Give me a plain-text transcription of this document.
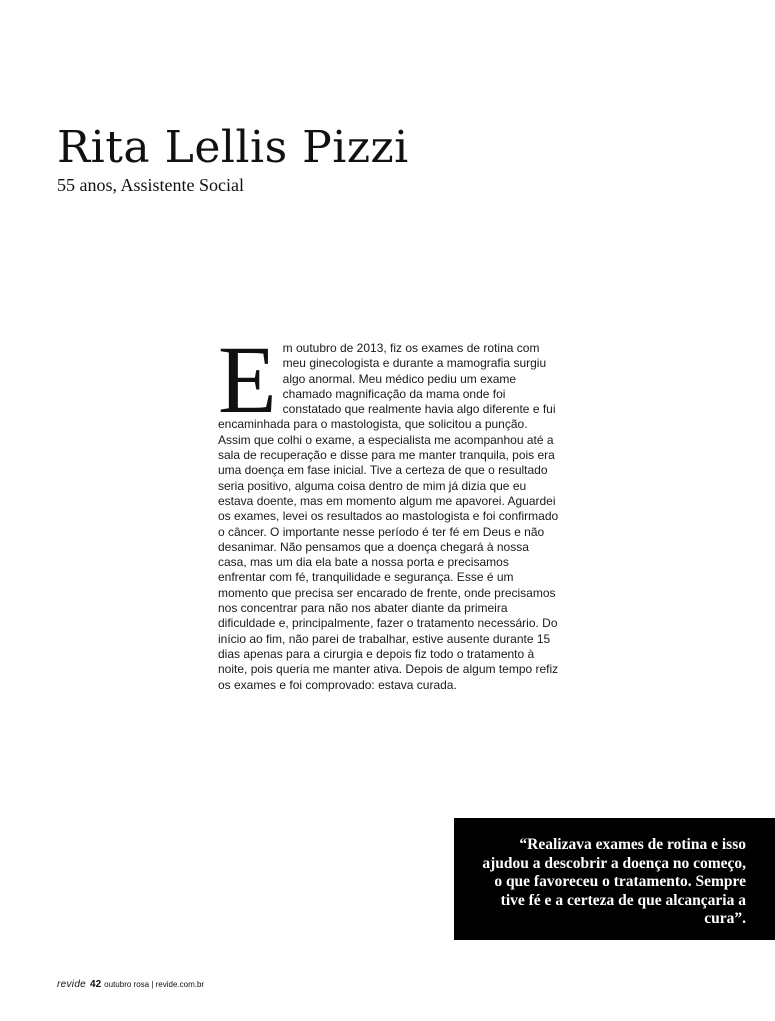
Rita Lellis Pizzi
55 anos, Assistente Social
E m outubro de 2013, fiz os exames de rotina com meu ginecologista e durante a mamografia surgiu algo anormal. Meu médico pediu um exame chamado magnificação da mama onde foi constatado que realmente havia algo diferente e fui encaminhada para o mastologista, que solicitou a punção. Assim que colhi o exame, a especialista me acompanhou até a sala de recuperação e disse para me manter tranquila, pois era uma doença em fase inicial. Tive a certeza de que o resultado seria positivo, alguma coisa dentro de mim já dizia que eu estava doente, mas em momento algum me apavorei. Aguardei os exames, levei os resultados ao mastologista e foi confirmado o câncer. O importante nesse período é ter fé em Deus e não desanimar. Não pensamos que a doença chegará à nossa casa, mas um dia ela bate a nossa porta e precisamos enfrentar com fé, tranquilidade e segurança. Esse é um momento que precisa ser encarado de frente, onde precisamos nos concentrar para não nos abater diante da primeira dificuldade e, principalmente, fazer o tratamento necessário. Do início ao fim, não parei de trabalhar, estive ausente durante 15 dias apenas para a cirurgia e depois fiz todo o tratamento à noite, pois queria me manter ativa. Depois de algum tempo refiz os exames e foi comprovado: estava curada.

“Realizava exames de rotina e isso ajudou a descobrir a doença no começo, o que favoreceu o tratamento. Sempre tive fé e a certeza de que alcançaria a cura”.

revide 42 outubro rosa | revide.com.br
